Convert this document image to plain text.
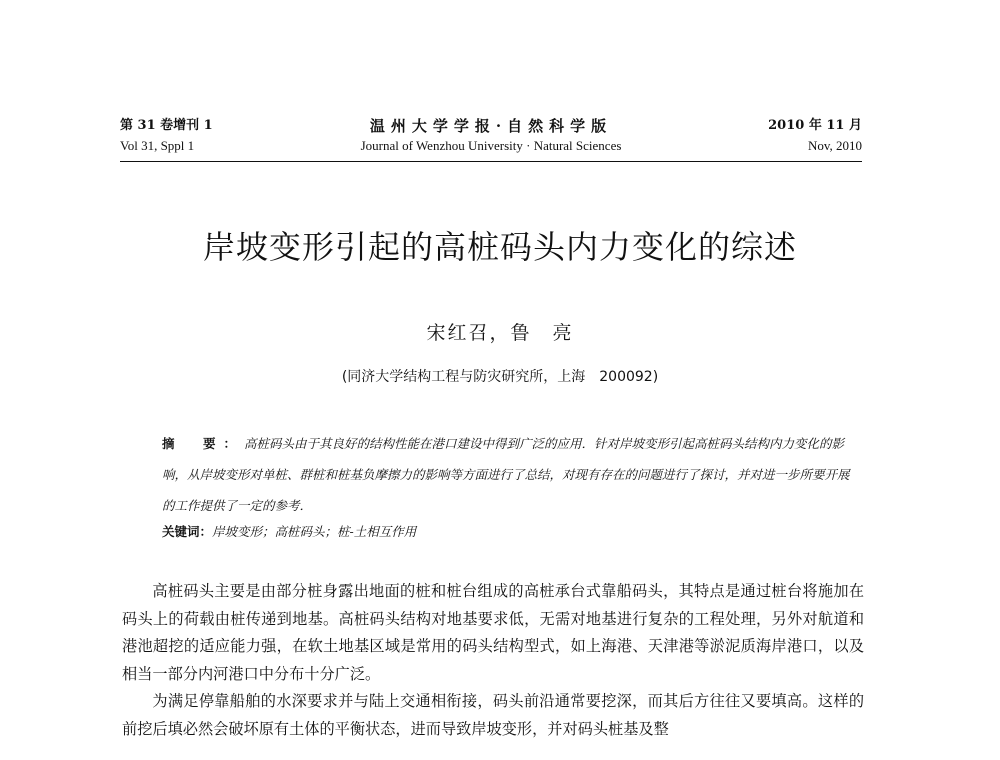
第 31 卷增刊 1
Vol 31, Sppl 1
温州大学学报·自然科学版
Journal of Wenzhou University · Natural Sciences
2010 年 11 月
Nov, 2010
岸坡变形引起的高桩码头内力变化的综述
宋红召，鲁　亮
(同济大学结构工程与防灾研究所，上海　200092)
摘　要：高桩码头由于其良好的结构性能在港口建设中得到广泛的应用．针对岸坡变形引起高桩码头结构内力变化的影响，从岸坡变形对单桩、群桩和桩基负摩擦力的影响等方面进行了总结，对现有存在的问题进行了探讨，并对进一步所要开展的工作提供了一定的参考．
关键词：岸坡变形；高桩码头；桩-土相互作用

高桩码头主要是由部分桩身露出地面的桩和桩台组成的高桩承台式靠船码头，其特点是通过桩台将施加在码头上的荷载由桩传递到地基。高桩码头结构对地基要求低，无需对地基进行复杂的工程处理，另外对航道和港池超挖的适应能力强，在软土地基区域是常用的码头结构型式，如上海港、天津港等淤泥质海岸港口，以及相当一部分内河港口中分布十分广泛。

为满足停靠船舶的水深要求并与陆上交通相衔接，码头前沿通常要挖深，而其后方往往又要填高。这样的前挖后填必然会破坏原有土体的平衡状态，进而导致岸坡变形，并对码头桩基及整
